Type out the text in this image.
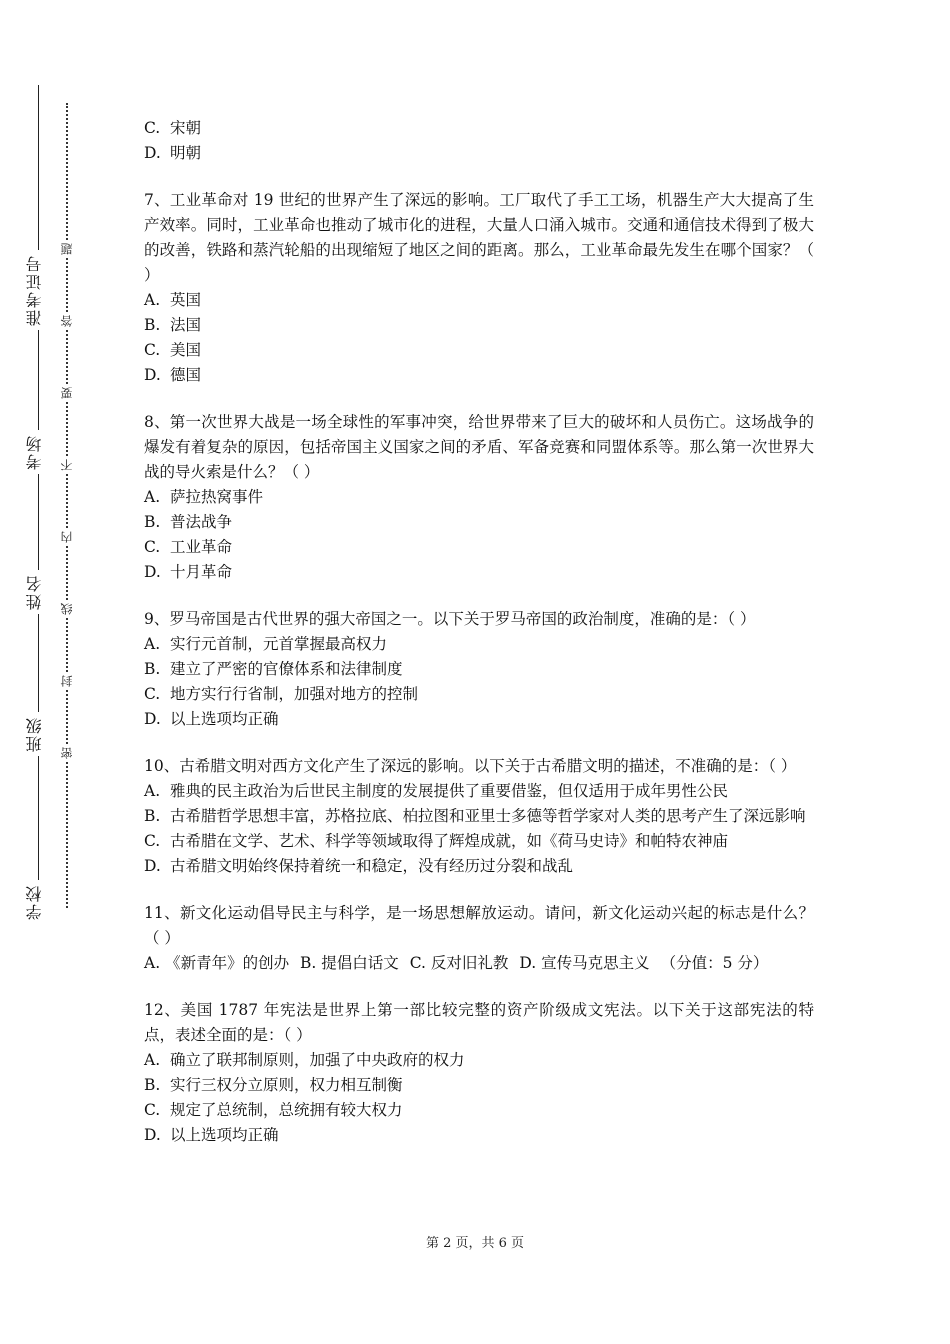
准考证号
考场
姓名
班级
学校
题
答
要
不
内
线
封
密
C. 宋朝
D. 明朝
7、工业革命对 19 世纪的世界产生了深远的影响。工厂取代了手工工场，机器生产大大提高了生产效率。同时，工业革命也推动了城市化的进程，大量人口涌入城市。交通和通信技术得到了极大的改善，铁路和蒸汽轮船的出现缩短了地区之间的距离。那么，工业革命最先发生在哪个国家？（ ）
A. 英国
B. 法国
C. 美国
D. 德国
8、第一次世界大战是一场全球性的军事冲突，给世界带来了巨大的破坏和人员伤亡。这场战争的爆发有着复杂的原因，包括帝国主义国家之间的矛盾、军备竞赛和同盟体系等。那么第一次世界大战的导火索是什么？（ ）
A. 萨拉热窝事件
B. 普法战争
C. 工业革命
D. 十月革命
9、罗马帝国是古代世界的强大帝国之一。以下关于罗马帝国的政治制度，准确的是：（ ）
A. 实行元首制，元首掌握最高权力
B. 建立了严密的官僚体系和法律制度
C. 地方实行行省制，加强对地方的控制
D. 以上选项均正确
10、古希腊文明对西方文化产生了深远的影响。以下关于古希腊文明的描述，不准确的是：（ ）
A. 雅典的民主政治为后世民主制度的发展提供了重要借鉴，但仅适用于成年男性公民
B. 古希腊哲学思想丰富，苏格拉底、柏拉图和亚里士多德等哲学家对人类的思考产生了深远影响
C. 古希腊在文学、艺术、科学等领域取得了辉煌成就，如《荷马史诗》和帕特农神庙
D. 古希腊文明始终保持着统一和稳定，没有经历过分裂和战乱
11、新文化运动倡导民主与科学，是一场思想解放运动。请问，新文化运动兴起的标志是什么？（ ）
A. 《新青年》的创办 B. 提倡白话文 C. 反对旧礼教 D. 宣传马克思主义 （分值：5 分）
12、美国 1787 年宪法是世界上第一部比较完整的资产阶级成文宪法。以下关于这部宪法的特点，表述全面的是：（ ）
A. 确立了联邦制原则，加强了中央政府的权力
B. 实行三权分立原则，权力相互制衡
C. 规定了总统制，总统拥有较大权力
D. 以上选项均正确
第 2 页，共 6 页
